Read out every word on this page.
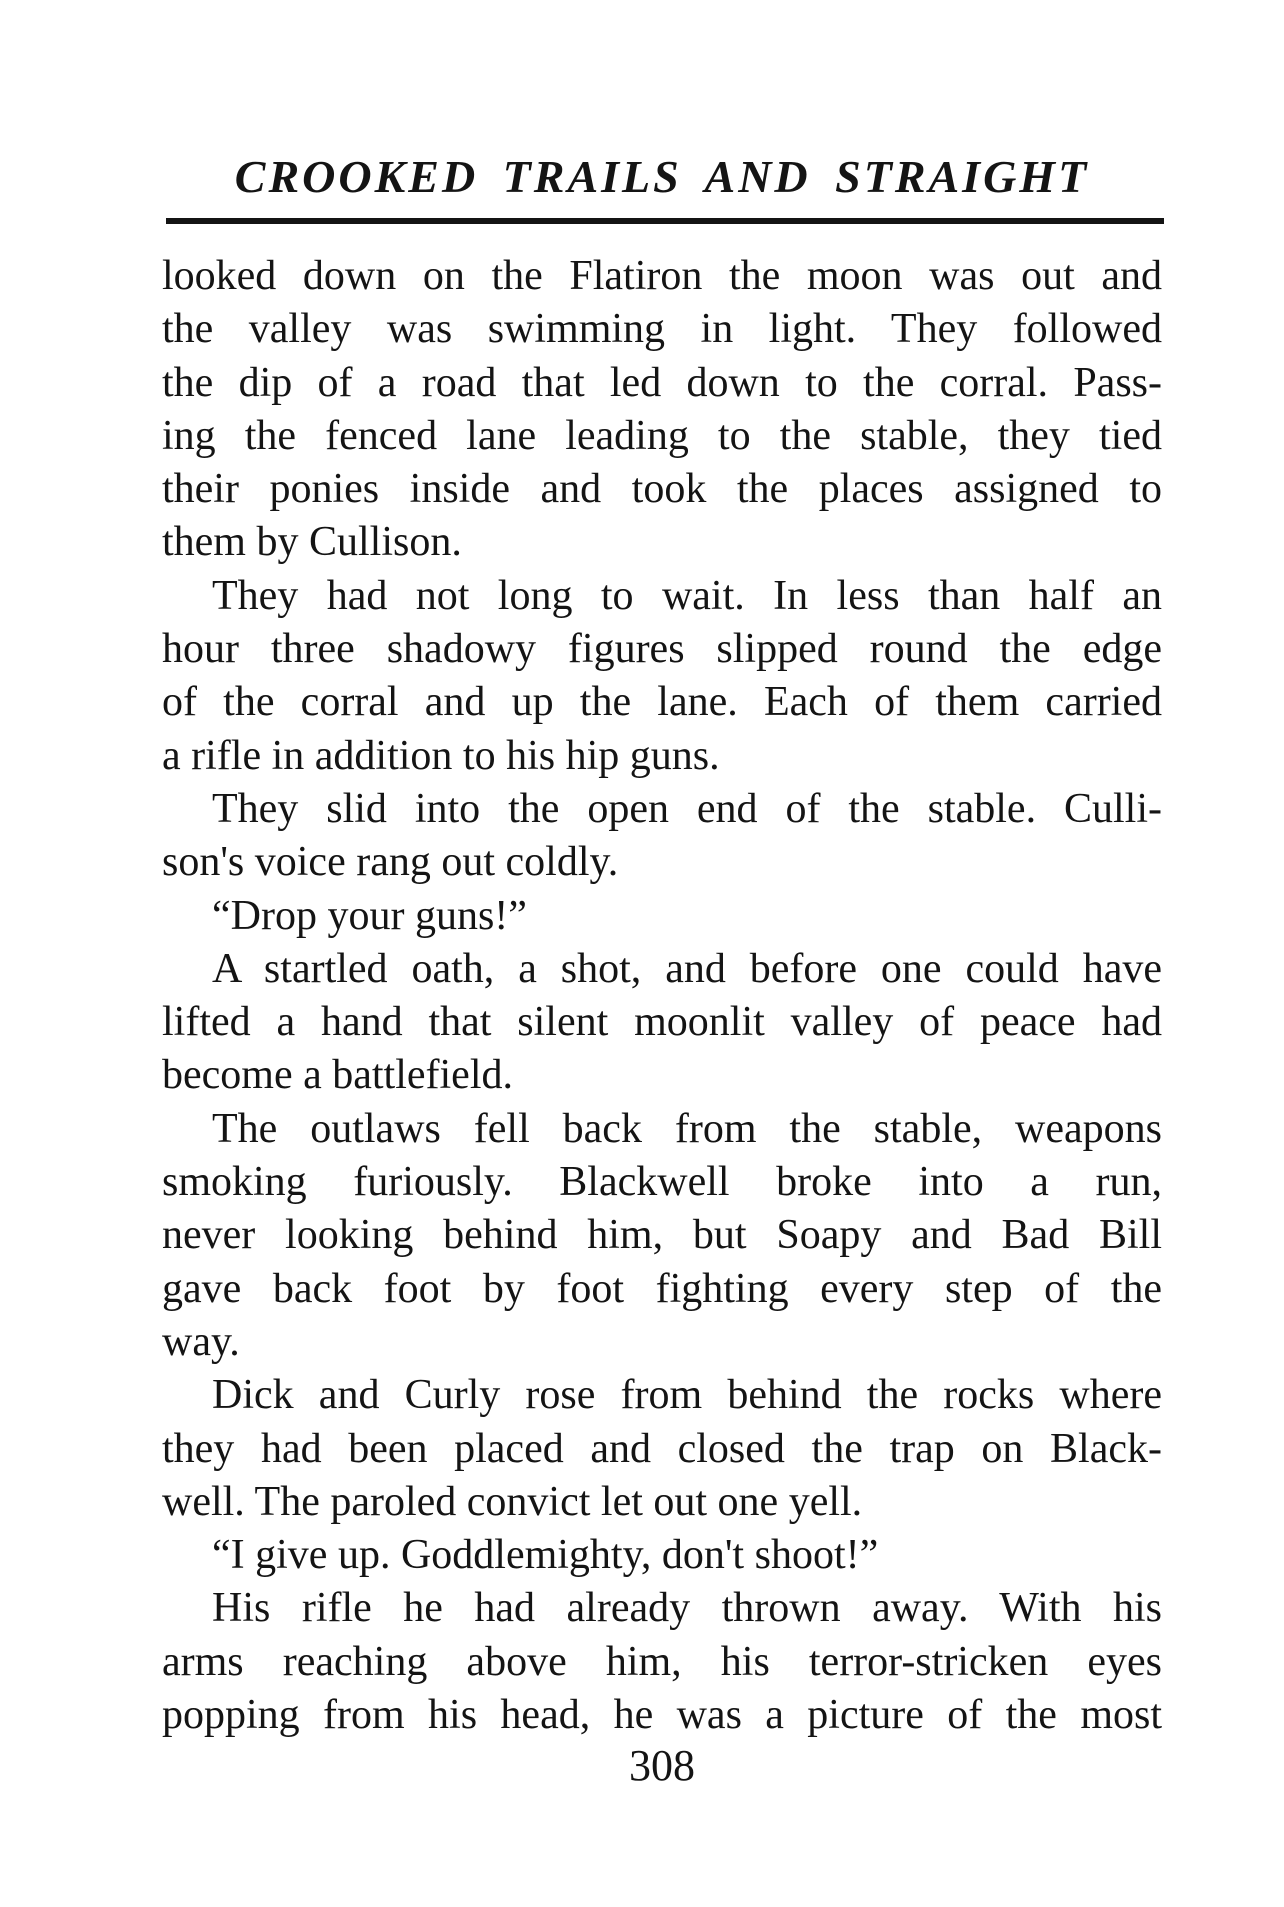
CROOKED TRAILS AND STRAIGHT
looked down on the Flatiron the moon was out and
the valley was swimming in light. They followed
the dip of a road that led down to the corral. Pass-
ing the fenced lane leading to the stable, they tied
their ponies inside and took the places assigned to
them by Cullison.
They had not long to wait. In less than half an
hour three shadowy figures slipped round the edge
of the corral and up the lane. Each of them carried
a rifle in addition to his hip guns.
They slid into the open end of the stable. Culli-
son's voice rang out coldly.
“Drop your guns!”
A startled oath, a shot, and before one could have
lifted a hand that silent moonlit valley of peace had
become a battlefield.
The outlaws fell back from the stable, weapons
smoking furiously. Blackwell broke into a run,
never looking behind him, but Soapy and Bad Bill
gave back foot by foot fighting every step of the
way.
Dick and Curly rose from behind the rocks where
they had been placed and closed the trap on Black-
well. The paroled convict let out one yell.
“I give up. Goddlemighty, don't shoot!”
His rifle he had already thrown away. With his
arms reaching above him, his terror-stricken eyes
popping from his head, he was a picture of the most
308
